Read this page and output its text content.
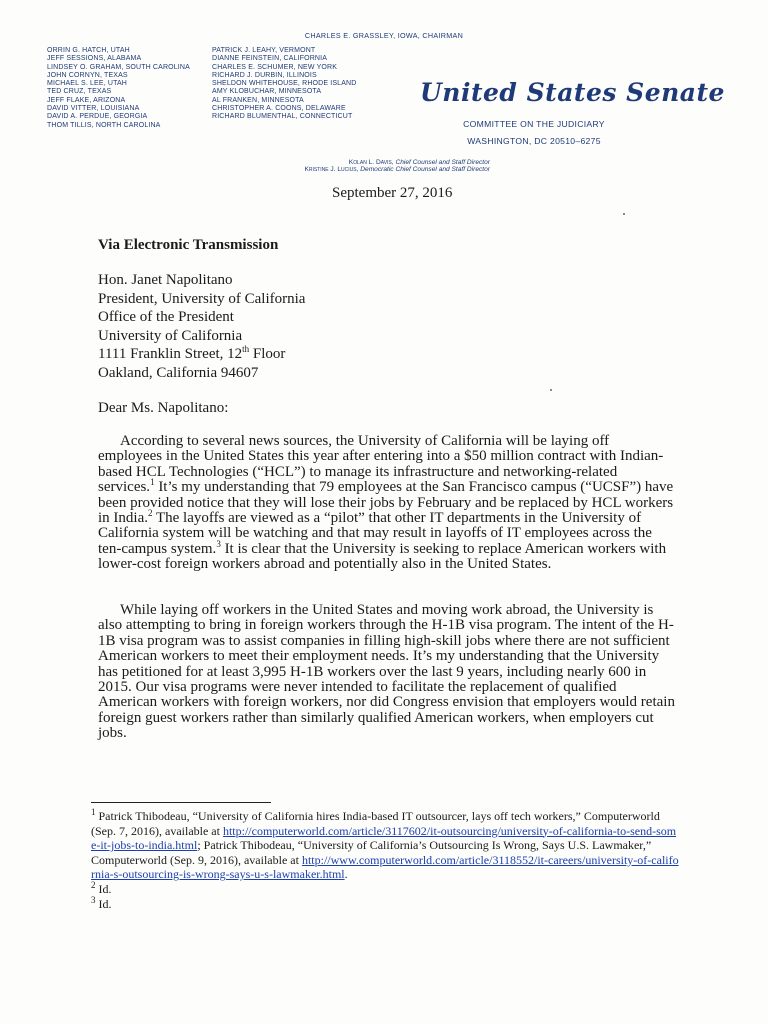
CHARLES E. GRASSLEY, IOWA, CHAIRMAN
ORRIN G. HATCH, UTAH
JEFF SESSIONS, ALABAMA
LINDSEY O. GRAHAM, SOUTH CAROLINA
JOHN CORNYN, TEXAS
MICHAEL S. LEE, UTAH
TED CRUZ, TEXAS
JEFF FLAKE, ARIZONA
DAVID VITTER, LOUISIANA
DAVID A. PERDUE, GEORGIA
THOM TILLIS, NORTH CAROLINA
PATRICK J. LEAHY, VERMONT
DIANNE FEINSTEIN, CALIFORNIA
CHARLES E. SCHUMER, NEW YORK
RICHARD J. DURBIN, ILLINOIS
SHELDON WHITEHOUSE, RHODE ISLAND
AMY KLOBUCHAR, MINNESOTA
AL FRANKEN, MINNESOTA
CHRISTOPHER A. COONS, DELAWARE
RICHARD BLUMENTHAL, CONNECTICUT
United States Senate
COMMITTEE ON THE JUDICIARY
WASHINGTON, DC 20510–6275
Kolan L. Davis, Chief Counsel and Staff Director
Kristine J. Lucius, Democratic Chief Counsel and Staff Director
September 27, 2016
Via Electronic Transmission
Hon. Janet Napolitano
President, University of California
Office of the President
University of California
1111 Franklin Street, 12th Floor
Oakland, California 94607
Dear Ms. Napolitano:

According to several news sources, the University of California will be laying off employees in the United States this year after entering into a $50 million contract with Indian-based HCL Technologies (“HCL”) to manage its infrastructure and networking-related services.$^1$ It’s my understanding that 79 employees at the San Francisco campus (“UCSF”) have been provided notice that they will lose their jobs by February and be replaced by HCL workers in India.$^2$ The layoffs are viewed as a “pilot” that other IT departments in the University of California system will be watching and that may result in layoffs of IT employees across the ten-campus system.$^3$ It is clear that the University is seeking to replace American workers with lower-cost foreign workers abroad and potentially also in the United States.

While laying off workers in the United States and moving work abroad, the University is also attempting to bring in foreign workers through the H-1B visa program. The intent of the H-1B visa program was to assist companies in filling high-skill jobs where there are not sufficient American workers to meet their employment needs. It’s my understanding that the University has petitioned for at least 3,995 H-1B workers over the last 9 years, including nearly 600 in 2015. Our visa programs were never intended to facilitate the replacement of qualified American workers with foreign workers, nor did Congress envision that employers would retain foreign guest workers rather than similarly qualified American workers, when employers cut jobs.

$^1$ Patrick Thibodeau, “University of California hires India-based IT outsourcer, lays off tech workers,” Computerworld (Sep. 7, 2016), available at http://computerworld.com/article/3117602/it-outsourcing/university-of-california-to-send-some-it-jobs-to-india.html; Patrick Thibodeau, “University of California’s Outsourcing Is Wrong, Says U.S. Lawmaker,” Computerworld (Sep. 9, 2016), available at http://www.computerworld.com/article/3118552/it-careers/university-of-california-s-outsourcing-is-wrong-says-u-s-lawmaker.html.

$^2$ Id.

$^3$ Id.
